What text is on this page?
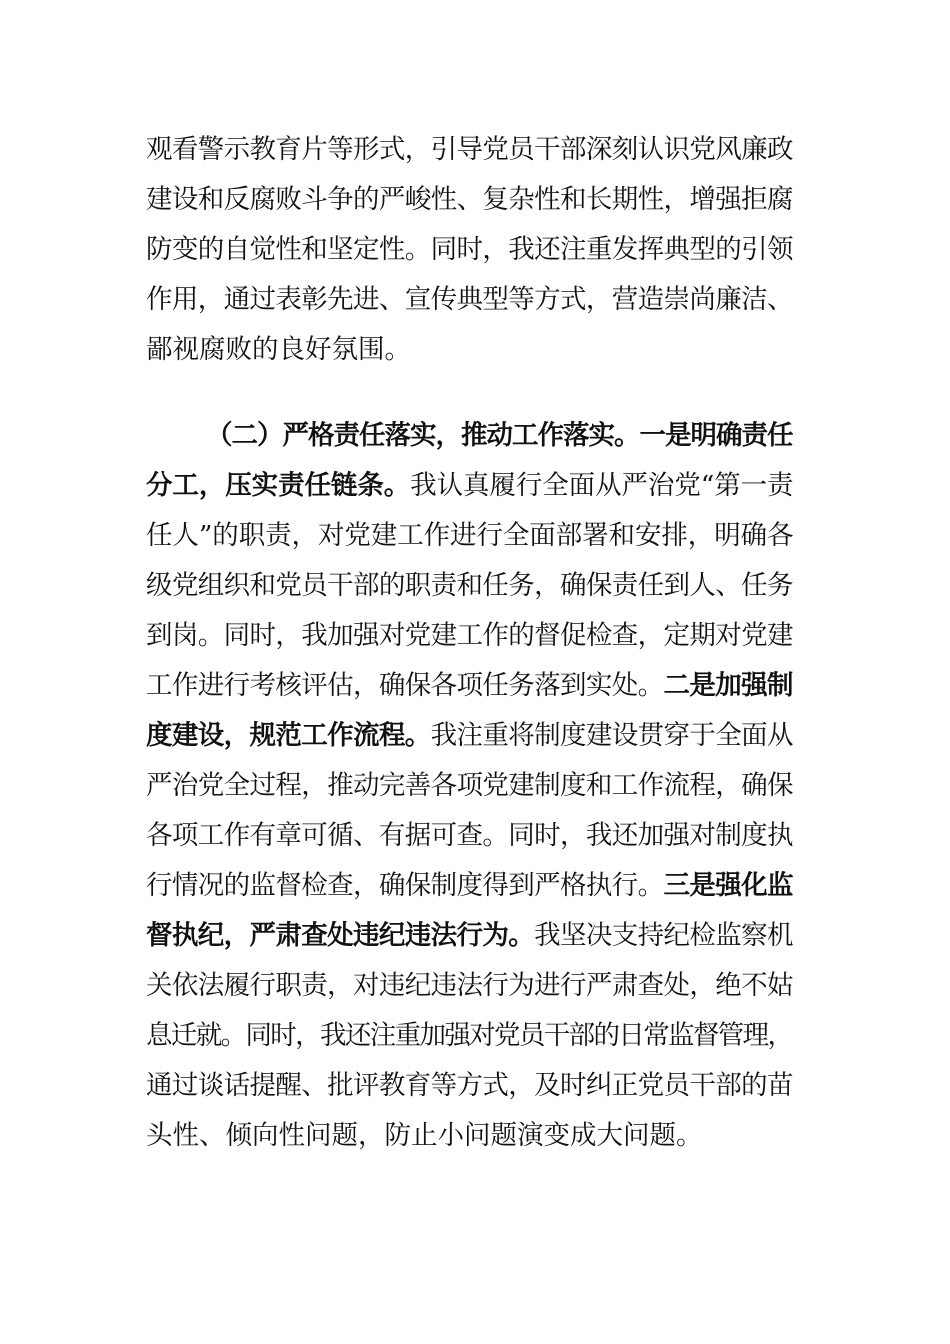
观看警示教育片等形式，引导党员干部深刻认识党风廉政
建设和反腐败斗争的严峻性、复杂性和长期性，增强拒腐
防变的自觉性和坚定性。同时，我还注重发挥典型的引领
作用，通过表彰先进、宣传典型等方式，营造崇尚廉洁、
鄙视腐败的良好氛围。
（二）严格责任落实，推动工作落实。一是明确责任
分工，压实责任链条。我认真履行全面从严治党“第一责
任人”的职责，对党建工作进行全面部署和安排，明确各
级党组织和党员干部的职责和任务，确保责任到人、任务
到岗。同时，我加强对党建工作的督促检查，定期对党建
工作进行考核评估，确保各项任务落到实处。二是加强制
度建设，规范工作流程。我注重将制度建设贯穿于全面从
严治党全过程，推动完善各项党建制度和工作流程，确保
各项工作有章可循、有据可查。同时，我还加强对制度执
行情况的监督检查，确保制度得到严格执行。三是强化监
督执纪，严肃查处违纪违法行为。我坚决支持纪检监察机
关依法履行职责，对违纪违法行为进行严肃查处，绝不姑
息迁就。同时，我还注重加强对党员干部的日常监督管理，
通过谈话提醒、批评教育等方式，及时纠正党员干部的苗
头性、倾向性问题，防止小问题演变成大问题。
